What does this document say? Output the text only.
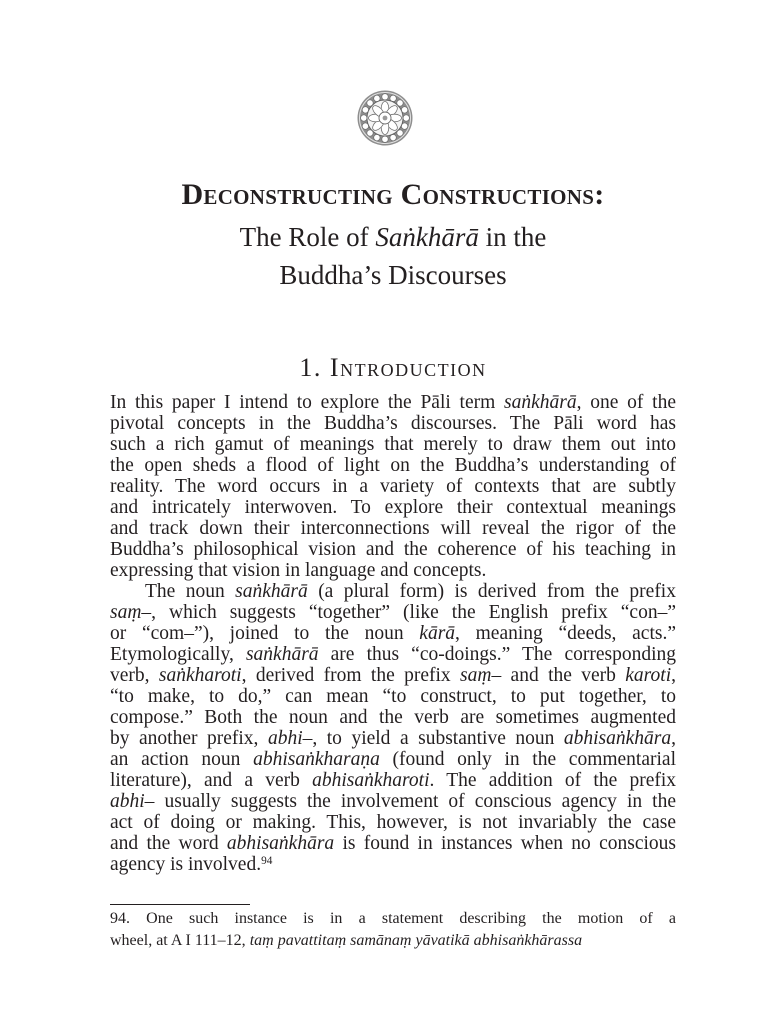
Deconstructing Constructions:
The Role of Saṅkhārā in the
Buddha’s Discourses
1. Introduction
In this paper I intend to explore the Pāli term saṅkhārā, one of the
pivotal concepts in the Buddha’s discourses. The Pāli word has
such a rich gamut of meanings that merely to draw them out into
the open sheds a flood of light on the Buddha’s understanding of
reality. The word occurs in a variety of contexts that are subtly
and intricately interwoven. To explore their contextual meanings
and track down their interconnections will reveal the rigor of the
Buddha’s philosophical vision and the coherence of his teaching in
expressing that vision in language and concepts.
The noun saṅkhārā (a plural form) is derived from the prefix
saṃ–, which suggests “together” (like the English prefix “con–”
or “com–”), joined to the noun kārā, meaning “deeds, acts.”
Etymologically, saṅkhārā are thus “co-doings.” The corresponding
verb, saṅkharoti, derived from the prefix saṃ– and the verb karoti,
“to make, to do,” can mean “to construct, to put together, to
compose.” Both the noun and the verb are sometimes augmented
by another prefix, abhi–, to yield a substantive noun abhisaṅkhāra,
an action noun abhisaṅkharaṇa (found only in the commentarial
literature), and a verb abhisaṅkharoti. The addition of the prefix
abhi– usually suggests the involvement of conscious agency in the
act of doing or making. This, however, is not invariably the case
and the word abhisaṅkhāra is found in instances when no conscious
agency is involved.$^{94}$
94. One such instance is in a statement describing the motion of a
wheel, at A I 111–12, taṃ pavattitaṃ samānaṃ yāvatikā abhisaṅkhārassa
